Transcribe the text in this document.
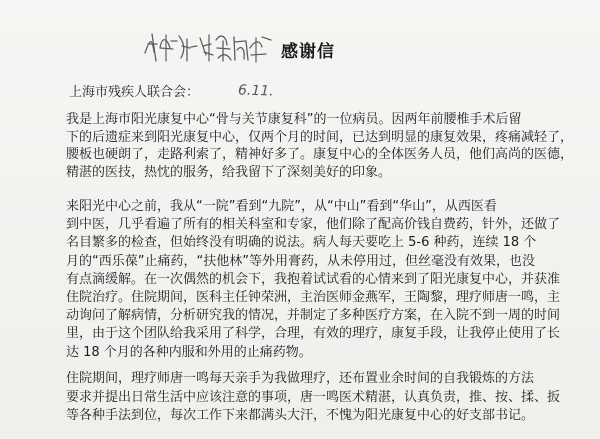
感谢信
上海市残疾人联合会：	6.11.
我是上海市阳光康复中心“骨与关节康复科”的一位病员。因两年前腰椎手术后留
下的后遗症来到阳光康复中心，仅两个月的时间，已达到明显的康复效果，疼痛减轻了，
腰板也硬朗了，走路利索了，精神好多了。康复中心的全体医务人员，他们高尚的医德，
精湛的医技，热忱的服务，给我留下了深刻美好的印象。
来阳光中心之前，我从“一院”看到“九院”，从“中山”看到“华山”，从西医看
到中医，几乎看遍了所有的相关科室和专家，他们除了配高价钱自费药，针外，还做了
名目繁多的检查，但始终没有明确的说法。病人每天要吃上 5-6 种药，连续 18 个
月的“西乐葆”止痛药，“扶他林”等外用膏药，从未停用过，但丝毫没有效果，也没
有点滴缓解。在一次偶然的机会下，我抱着试试看的心情来到了阳光康复中心，并获准
住院治疗。住院期间，医科主任钟荣洲，主治医师金燕军，王陶黎，理疗师唐一鸣，主
动询问了解病情，分析研究我的情况，并制定了多种医疗方案，在入院不到一周的时间
里，由于这个团队给我采用了科学，合理，有效的理疗，康复手段，让我停止使用了长
达 18 个月的各种内服和外用的止痛药物。
住院期间，理疗师唐一鸣每天亲手为我做理疗，还布置业余时间的自我锻炼的方法
要求并提出日常生活中应该注意的事项，唐一鸣医术精湛，认真负责，推、按、揉、扳
等各种手法到位，每次工作下来都满头大汗，不愧为阳光康复中心的好支部书记。
